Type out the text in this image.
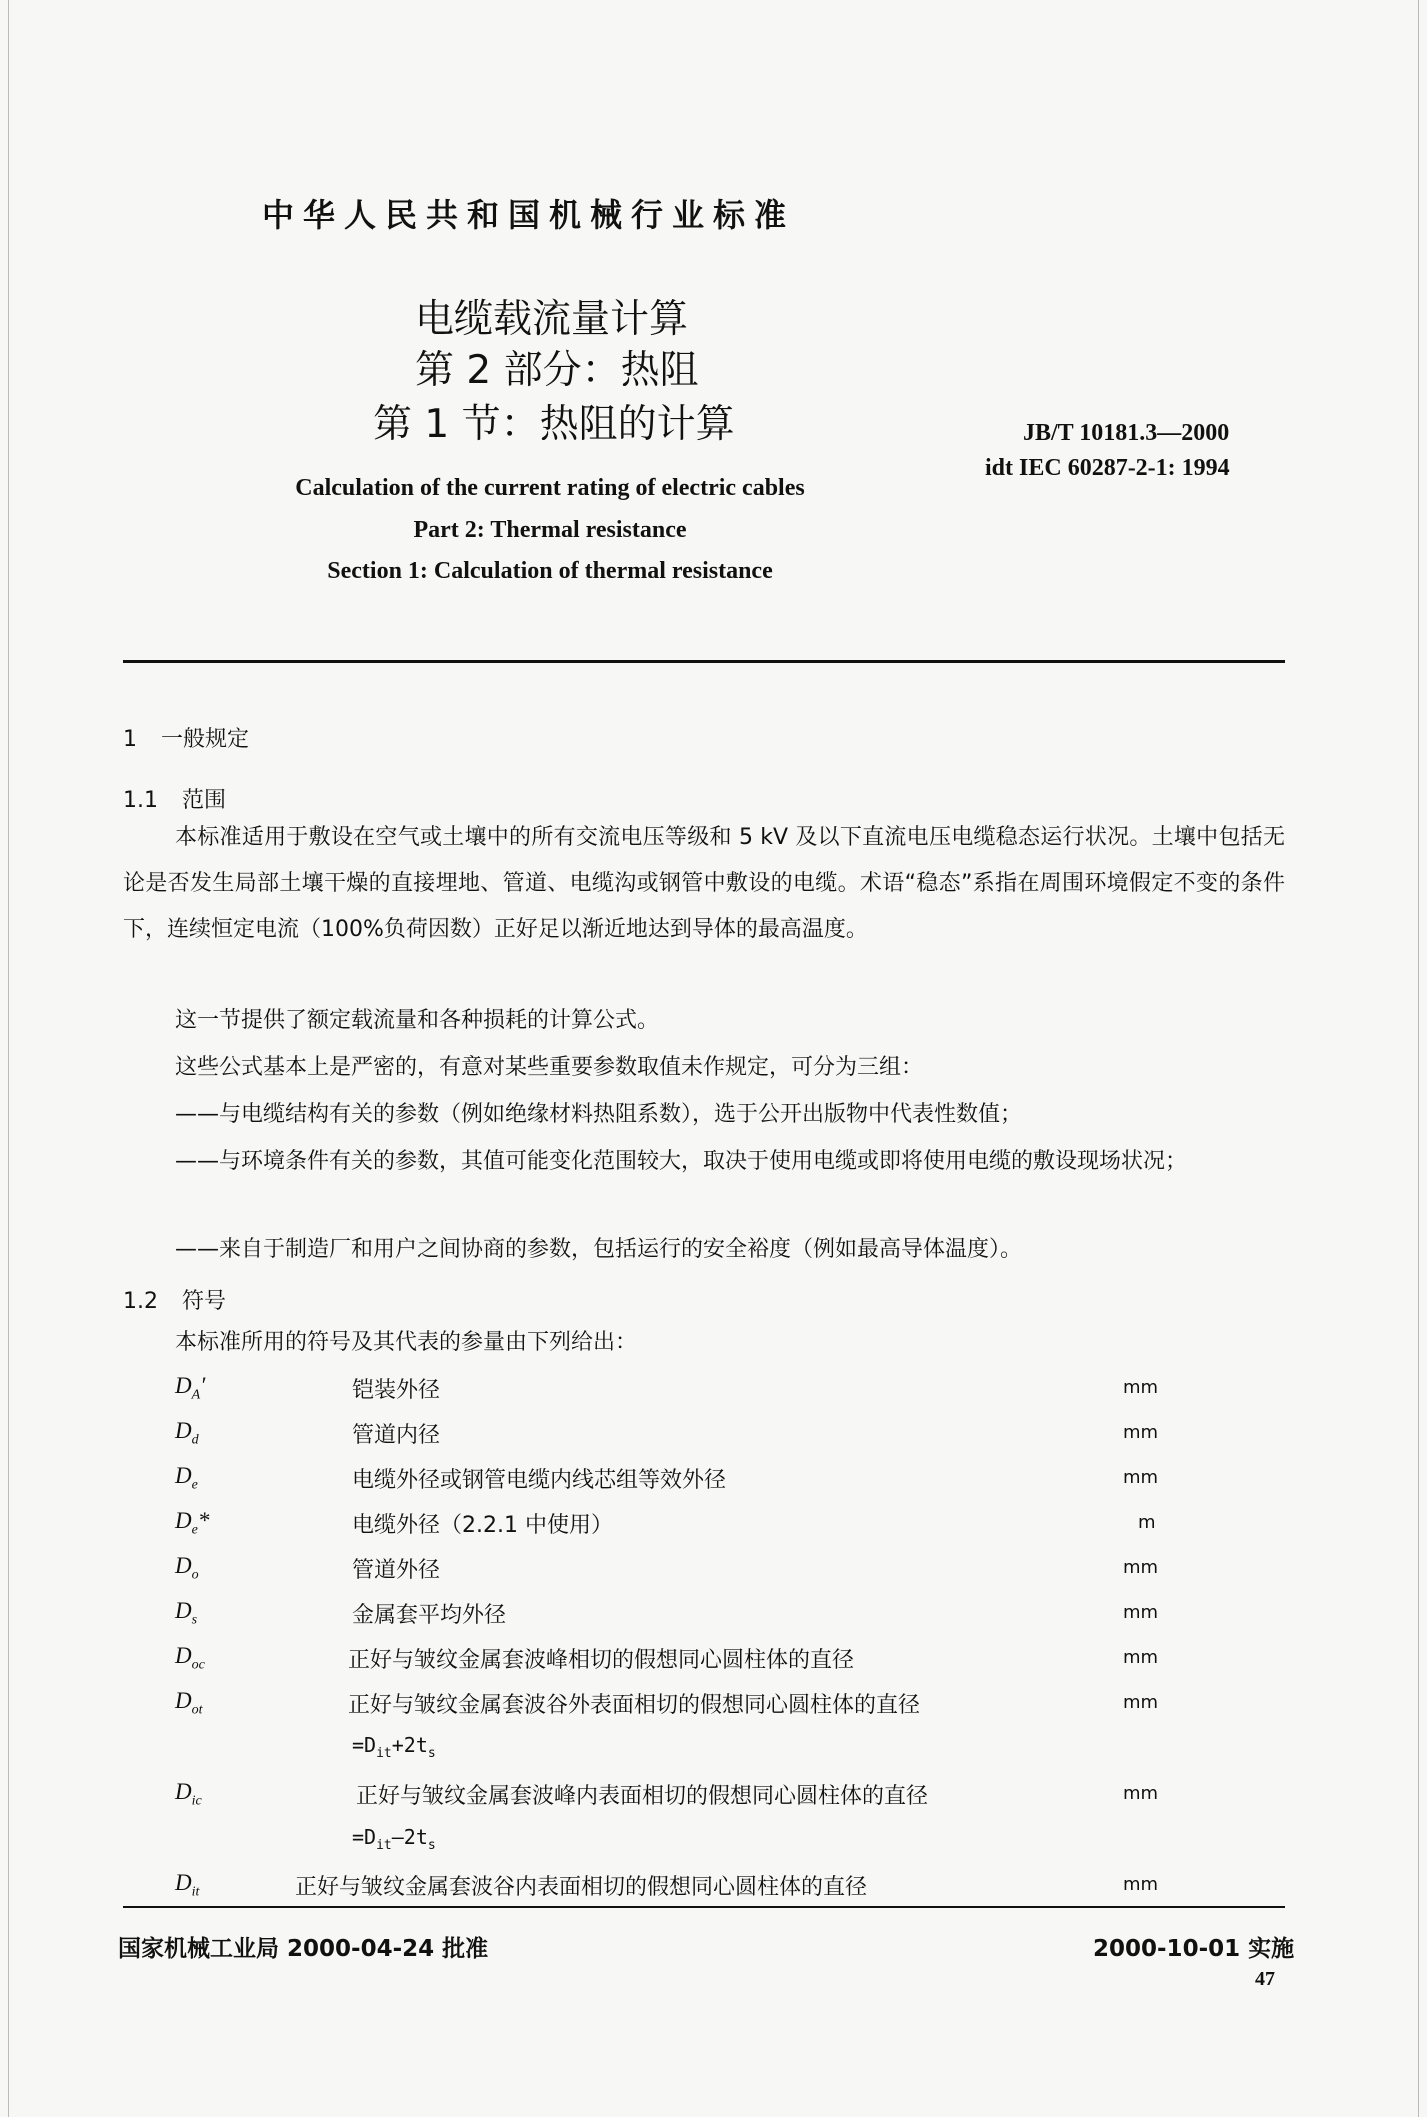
中华人民共和国机械行业标准
电缆载流量计算
第 2 部分：热阻
第 1 节：热阻的计算	JB/T 10181.3—2000
idt IEC 60287-2-1: 1994
Calculation of the current rating of electric cables
Part 2: Thermal resistance
Section 1: Calculation of thermal resistance
1 一般规定
1.1 范围
本标准适用于敷设在空气或土壤中的所有交流电压等级和 5 kV 及以下直流电压电缆稳态运行状况。土壤中包括无论是否发生局部土壤干燥的直接埋地、管道、电缆沟或钢管中敷设的电缆。术语“稳态”系指在周围环境假定不变的条件下，连续恒定电流（100%负荷因数）正好足以渐近地达到导体的最高温度。
这一节提供了额定载流量和各种损耗的计算公式。
这些公式基本上是严密的，有意对某些重要参数取值未作规定，可分为三组：
——与电缆结构有关的参数（例如绝缘材料热阻系数），选于公开出版物中代表性数值；
——与环境条件有关的参数，其值可能变化范围较大，取决于使用电缆或即将使用电缆的敷设现场状况；
——来自于制造厂和用户之间协商的参数，包括运行的安全裕度（例如最高导体温度）。
1.2 符号
本标准所用的符号及其代表的参量由下列给出：
$D_A'$	铠装外径	mm
$D_d$	管道内径	mm
$D_e$	电缆外径或钢管电缆内线芯组等效外径	mm
$D_e*$	电缆外径（2.2.1 中使用）	m
$D_o$	管道外径	mm
$D_s$	金属套平均外径	mm
$D_{oc}$	正好与皱纹金属套波峰相切的假想同心圆柱体的直径	mm
$D_{ot}$	正好与皱纹金属套波谷外表面相切的假想同心圆柱体的直径	mm
$=D_{it}+2t_s$
$D_{ic}$	正好与皱纹金属套波峰内表面相切的假想同心圆柱体的直径	mm
$=D_{it}—2t_s$
$D_{it}$	正好与皱纹金属套波谷内表面相切的假想同心圆柱体的直径	mm
国家机械工业局 2000-04-24 批准	2000-10-01 实施
47
